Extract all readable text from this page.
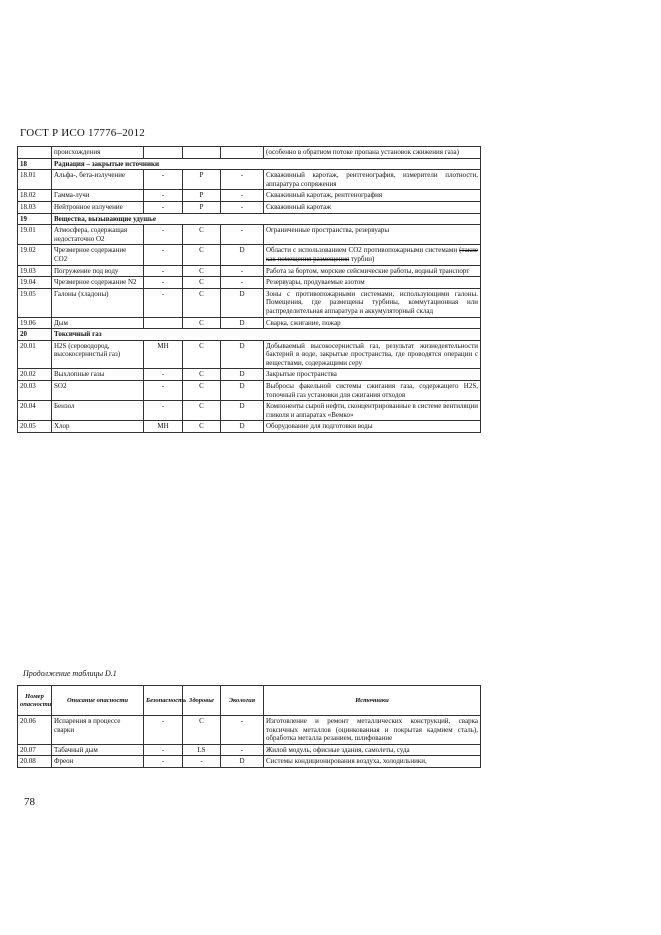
ГОСТ Р ИСО 17776–2012
	происхождения				(особенно в обратном потоке пропана установок сжижения газа)
18	Радиация – закрытые источники				
18.01	Альфа-, бета-излучение	-	P	-	Скважинный каротаж, рентгенография, измерители плотности, аппаратура сопряжения
18.02	Гамма-лучи	-	P	-	Скважинный каротаж, рентгенография
18.03	Нейтронное излучение	-	P	-	Скважинный каротаж
19	Вещества, вызывающие удушье				
19.01	Атмосфера, содержащая недостаточно O2	-	C	-	Ограниченные пространства, резервуары
19.02	Чрезмерное содержание CO2	-	C	D	Области с использованием CO2 противопожарными системами (такие как помещения размещения турбин)
19.03	Погружение под воду	-	C	-	Работа за бортом, морские сейсмические работы, водный транспорт
19.04	Чрезмерное содержание N2	-	C	-	Резервуары, продуваемые азотом
19.05	Галоны (хладоны)	-	C	D	Зоны с противопожарными системами, использующими галоны. Помещения, где размещены турбины, коммутационная или распределительная аппаратура и аккумуляторный склад
19.06	Дым		C	D	Сварка, сжигание, пожар
20	Токсичный газ				
20.01	H2S (сероводород, высокосернистый газ)	MH	C	D	Добываемый высокосернистый газ, результат жизнедеятельности бактерий в воде, закрытые пространства, где проводятся операции с веществами, содержащими серу
20.02	Выхлопные газы	-	C	D	Закрытые пространства
20.03	SO2	-	C	D	Выбросы факельной системы сжигания газа, содержащего H2S, топочный газ установки для сжигания отходов
20.04	Бензол	-	C	D	Компоненты сырой нефти, сконцентрированные в системе вентиляции гликоля и аппаратах «Вемко»
20.05	Хлор	MH	C	D	Оборудование для подготовки воды
Продолжение таблицы D.1
Номер опасности	Описание опасности	Безопасность	Здоровье	Экология	Источники
20.06	Испарения в процессе сварки	-	C	-	Изготовление и ремонт металлических конструкций, сварка токсичных металлов (оцинкованная и покрытая кадмием сталь), обработка металла резанием, шлифование
20.07	Табачный дым	-	LS	-	Жилой модуль, офисные здания, самолеты, суда
20.08	Фреон	-	-	D	Системы кондиционирования воздуха, холодильники,
78
